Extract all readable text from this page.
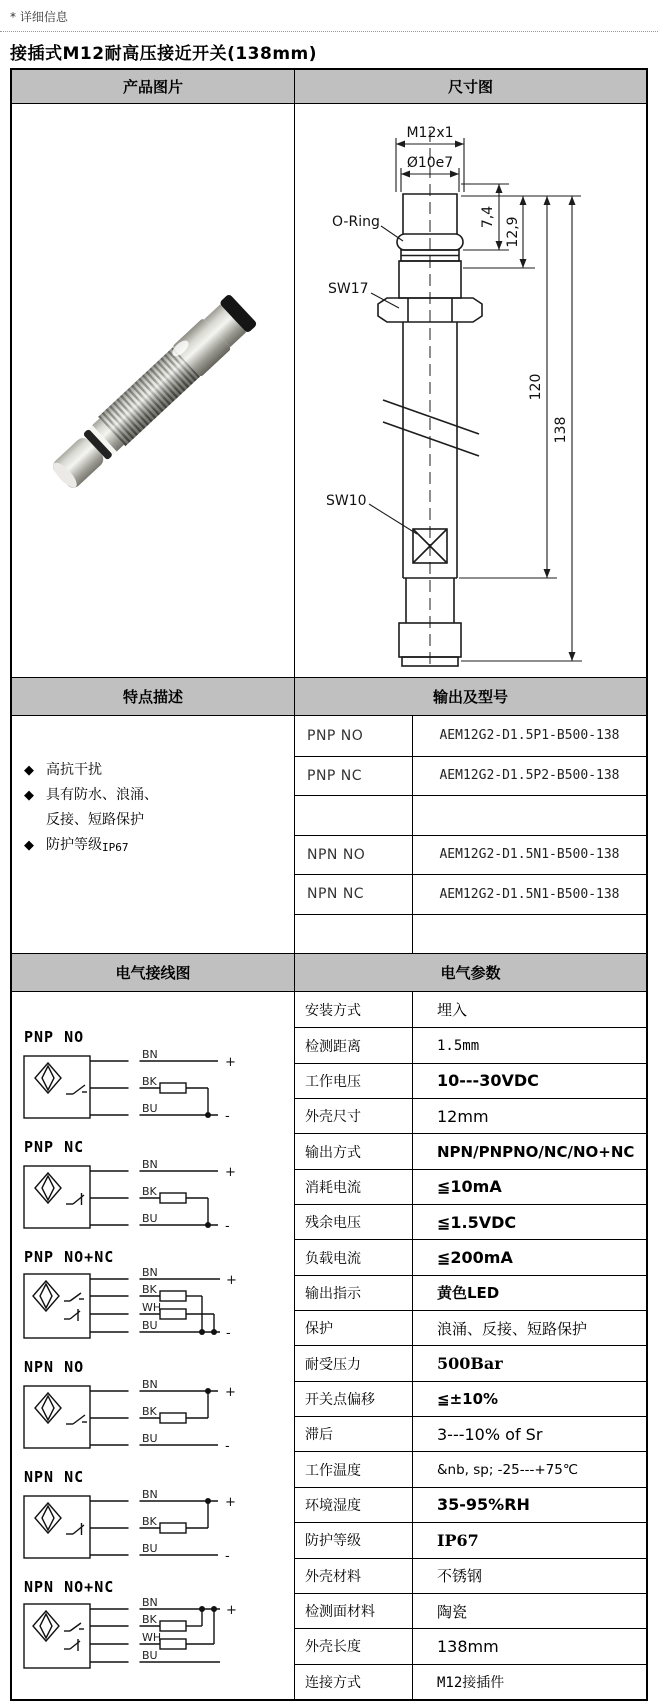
* 详细信息
接插式M12耐高压接近开关(138mm)
产品图片	尺寸图
M12x1
Ø10e7
O-Ring
SW17
SW10
7,4 12,9
120
138
特点描述	输出及型号
◆ 高抗干扰
◆ 具有防水、浪涌、
反接、短路保护
◆ 防护等级 IP67
PNP NO	AEM12G2-D1.5P1-B500-138
PNP NC	AEM12G2-D1.5P2-B500-138
NPN NO	AEM12G2-D1.5N1-B500-138
NPN NC	AEM12G2-D1.5N1-B500-138
电气接线图	电气参数
PNP NO
BN
BK
BU
+
-
PNP NC
BN
BK
BU
+
-
PNP NO+NC
BN
BK
WH
BU
+
-
NPN NO
BN
BK
BU
+
-
NPN NC
BN
BK
BU
+
-
NPN NO+NC
BN
BK
WH
BU
+
安装方式	埋入
检测距离	1.5mm
工作电压	10---30VDC
外壳尺寸	12mm
输出方式	NPN/PNPNO/NC/NO+NC
消耗电流	≦10mA
残余电压	≦1.5VDC
负载电流	≦200mA
输出指示	黄色LED
保护	浪涌、反接、短路保护
耐受压力	500Bar
开关点偏移	≦±10%
滞后	3---10% of Sr
工作温度	&nb, sp; -25---+75℃
环境湿度	35-95%RH
防护等级	IP67
外壳材料	不锈钢
检测面材料	陶瓷
外壳长度	138mm
连接方式	M12接插件
